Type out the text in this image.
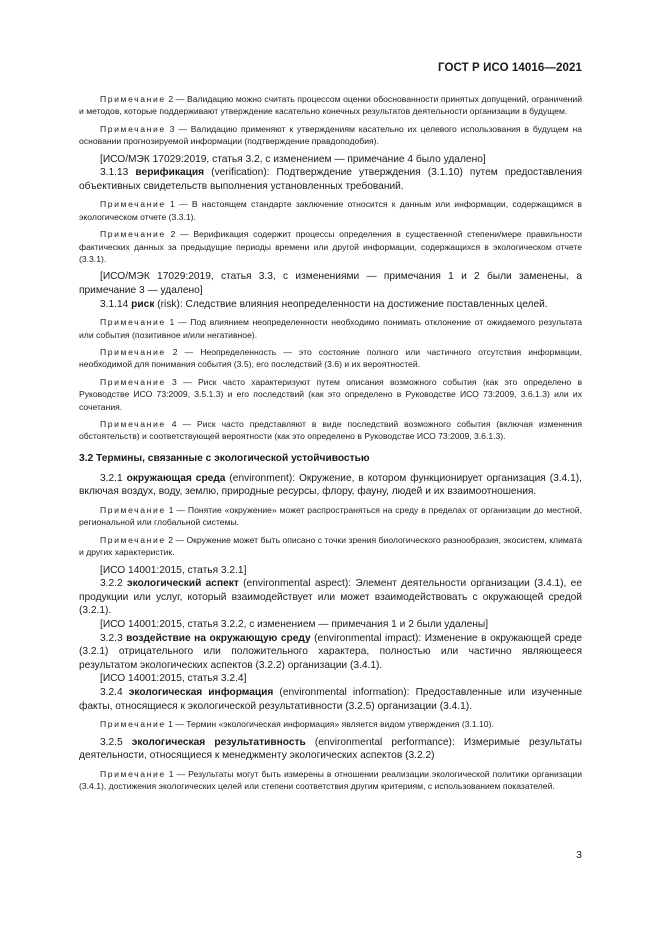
ГОСТ Р ИСО 14016—2021

Примечание 2 — Валидацию можно считать процессом оценки обоснованности принятых допущений, ограничений и методов, которые поддерживают утверждение касательно конечных результатов деятельности организации в будущем.

Примечание 3 — Валидацию применяют к утверждениям касательно их целевого использования в будущем на основании прогнозируемой информации (подтверждение правдоподобия).

[ИСО/МЭК 17029:2019, статья 3.2, с изменением — примечание 4 было удалено]

3.1.13 верификация (verification): Подтверждение утверждения (3.1.10) путем предоставления объективных свидетельств выполнения установленных требований.

Примечание 1 — В настоящем стандарте заключение относится к данным или информации, содержащимся в экологическом отчете (3.3.1).

Примечание 2 — Верификация содержит процессы определения в существенной степени/мере правильности фактических данных за предыдущие периоды времени или другой информации, содержащихся в экологическом отчете (3.3.1).

[ИСО/МЭК 17029:2019, статья 3.3, с изменениями — примечания 1 и 2 были заменены, а примечание 3 — удалено]

3.1.14 риск (risk): Следствие влияния неопределенности на достижение поставленных целей.

Примечание 1 — Под влиянием неопределенности необходимо понимать отклонение от ожидаемого результата или события (позитивное и/или негативное).

Примечание 2 — Неопределенность — это состояние полного или частичного отсутствия информации, необходимой для понимания события (3.5), его последствий (3.6) и их вероятностей.

Примечание 3 — Риск часто характеризуют путем описания возможного события (как это определено в Руководстве ИСО 73:2009, 3.5.1.3) и его последствий (как это определено в Руководстве ИСО 73:2009, 3.6.1.3) или их сочетания.

Примечание 4 — Риск часто представляют в виде последствий возможного события (включая изменения обстоятельств) и соответствующей вероятности (как это определено в Руководстве ИСО 73:2009, 3.6.1.3).

3.2 Термины, связанные с экологической устойчивостью

3.2.1 окружающая среда (environment): Окружение, в котором функционирует организация (3.4.1), включая воздух, воду, землю, природные ресурсы, флору, фауну, людей и их взаимоотношения.

Примечание 1 — Понятие «окружение» может распространяться на среду в пределах от организации до местной, региональной или глобальной системы.

Примечание 2 — Окружение может быть описано с точки зрения биологического разнообразия, экосистем, климата и других характеристик.

[ИСО 14001:2015, статья 3.2.1]

3.2.2 экологический аспект (environmental aspect): Элемент деятельности организации (3.4.1), ее продукции или услуг, который взаимодействует или может взаимодействовать с окружающей средой (3.2.1).

[ИСО 14001:2015, статья 3.2.2, с изменением — примечания 1 и 2 были удалены]

3.2.3 воздействие на окружающую среду (environmental impact): Изменение в окружающей среде (3.2.1) отрицательного или положительного характера, полностью или частично являющееся результатом экологических аспектов (3.2.2) организации (3.4.1).

[ИСО 14001:2015, статья 3.2.4]

3.2.4 экологическая информация (environmental information): Предоставленные или изученные факты, относящиеся к экологической результативности (3.2.5) организации (3.4.1).

Примечание 1 — Термин «экологическая информация» является видом утверждения (3.1.10).

3.2.5 экологическая результативность (environmental performance): Измеримые результаты деятельности, относящиеся к менеджменту экологических аспектов (3.2.2)

Примечание 1 — Результаты могут быть измерены в отношении реализации экологической политики организации (3.4.1), достижения экологических целей или степени соответствия другим критериям, с использованием показателей.

3
